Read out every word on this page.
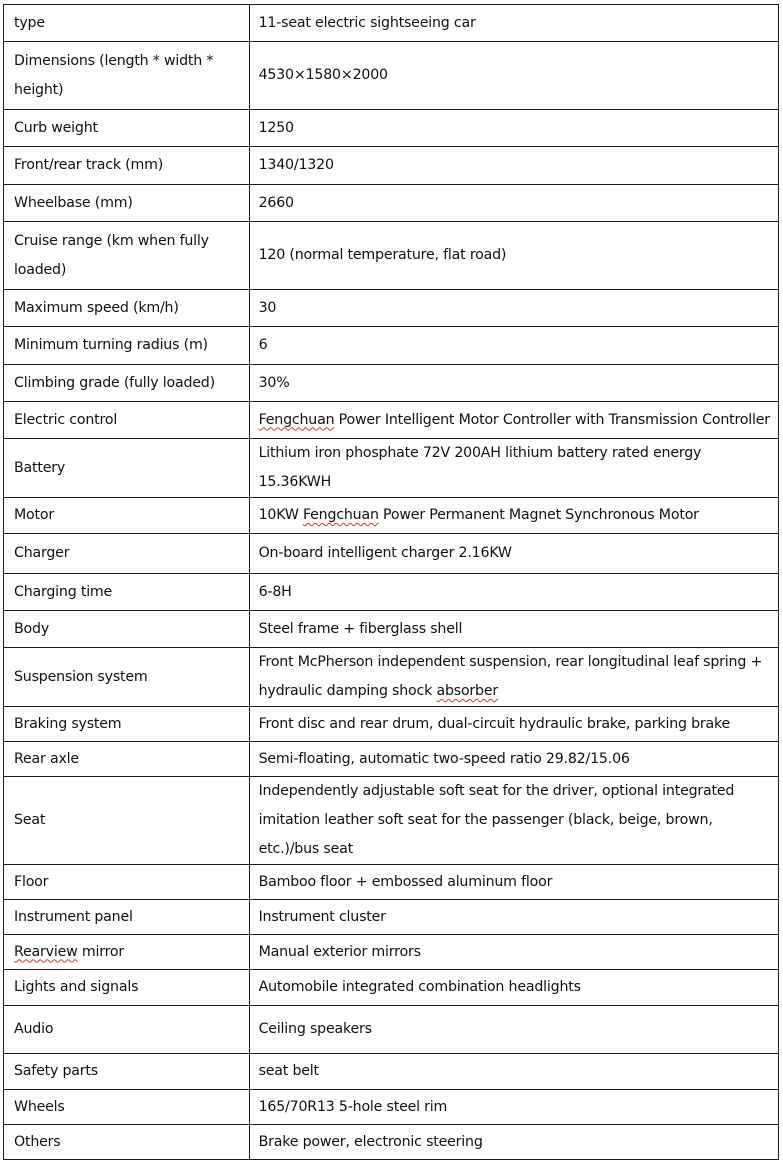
type	11-seat electric sightseeing car
Dimensions (length * width * height)	4530×1580×2000
Curb weight	1250
Front/rear track (mm)	1340/1320
Wheelbase (mm)	2660
Cruise range (km when fully loaded)	120 (normal temperature, flat road)
Maximum speed (km/h)	30
Minimum turning radius (m)	6
Climbing grade (fully loaded)	30%
Electric control	Fengchuan Power Intelligent Motor Controller with Transmission Controller
Battery	Lithium iron phosphate 72V 200AH lithium battery rated energy 15.36KWH
Motor	10KW Fengchuan Power Permanent Magnet Synchronous Motor
Charger	On-board intelligent charger 2.16KW
Charging time	6-8H
Body	Steel frame + fiberglass shell
Suspension system	Front McPherson independent suspension, rear longitudinal leaf spring + hydraulic damping shock absorber
Braking system	Front disc and rear drum, dual-circuit hydraulic brake, parking brake
Rear axle	Semi-floating, automatic two-speed ratio 29.82/15.06
Seat	Independently adjustable soft seat for the driver, optional integrated imitation leather soft seat for the passenger (black, beige, brown, etc.)/bus seat
Floor	Bamboo floor + embossed aluminum floor
Instrument panel	Instrument cluster
Rearview mirror	Manual exterior mirrors
Lights and signals	Automobile integrated combination headlights
Audio	Ceiling speakers
Safety parts	seat belt
Wheels	165/70R13 5-hole steel rim
Others	Brake power, electronic steering
